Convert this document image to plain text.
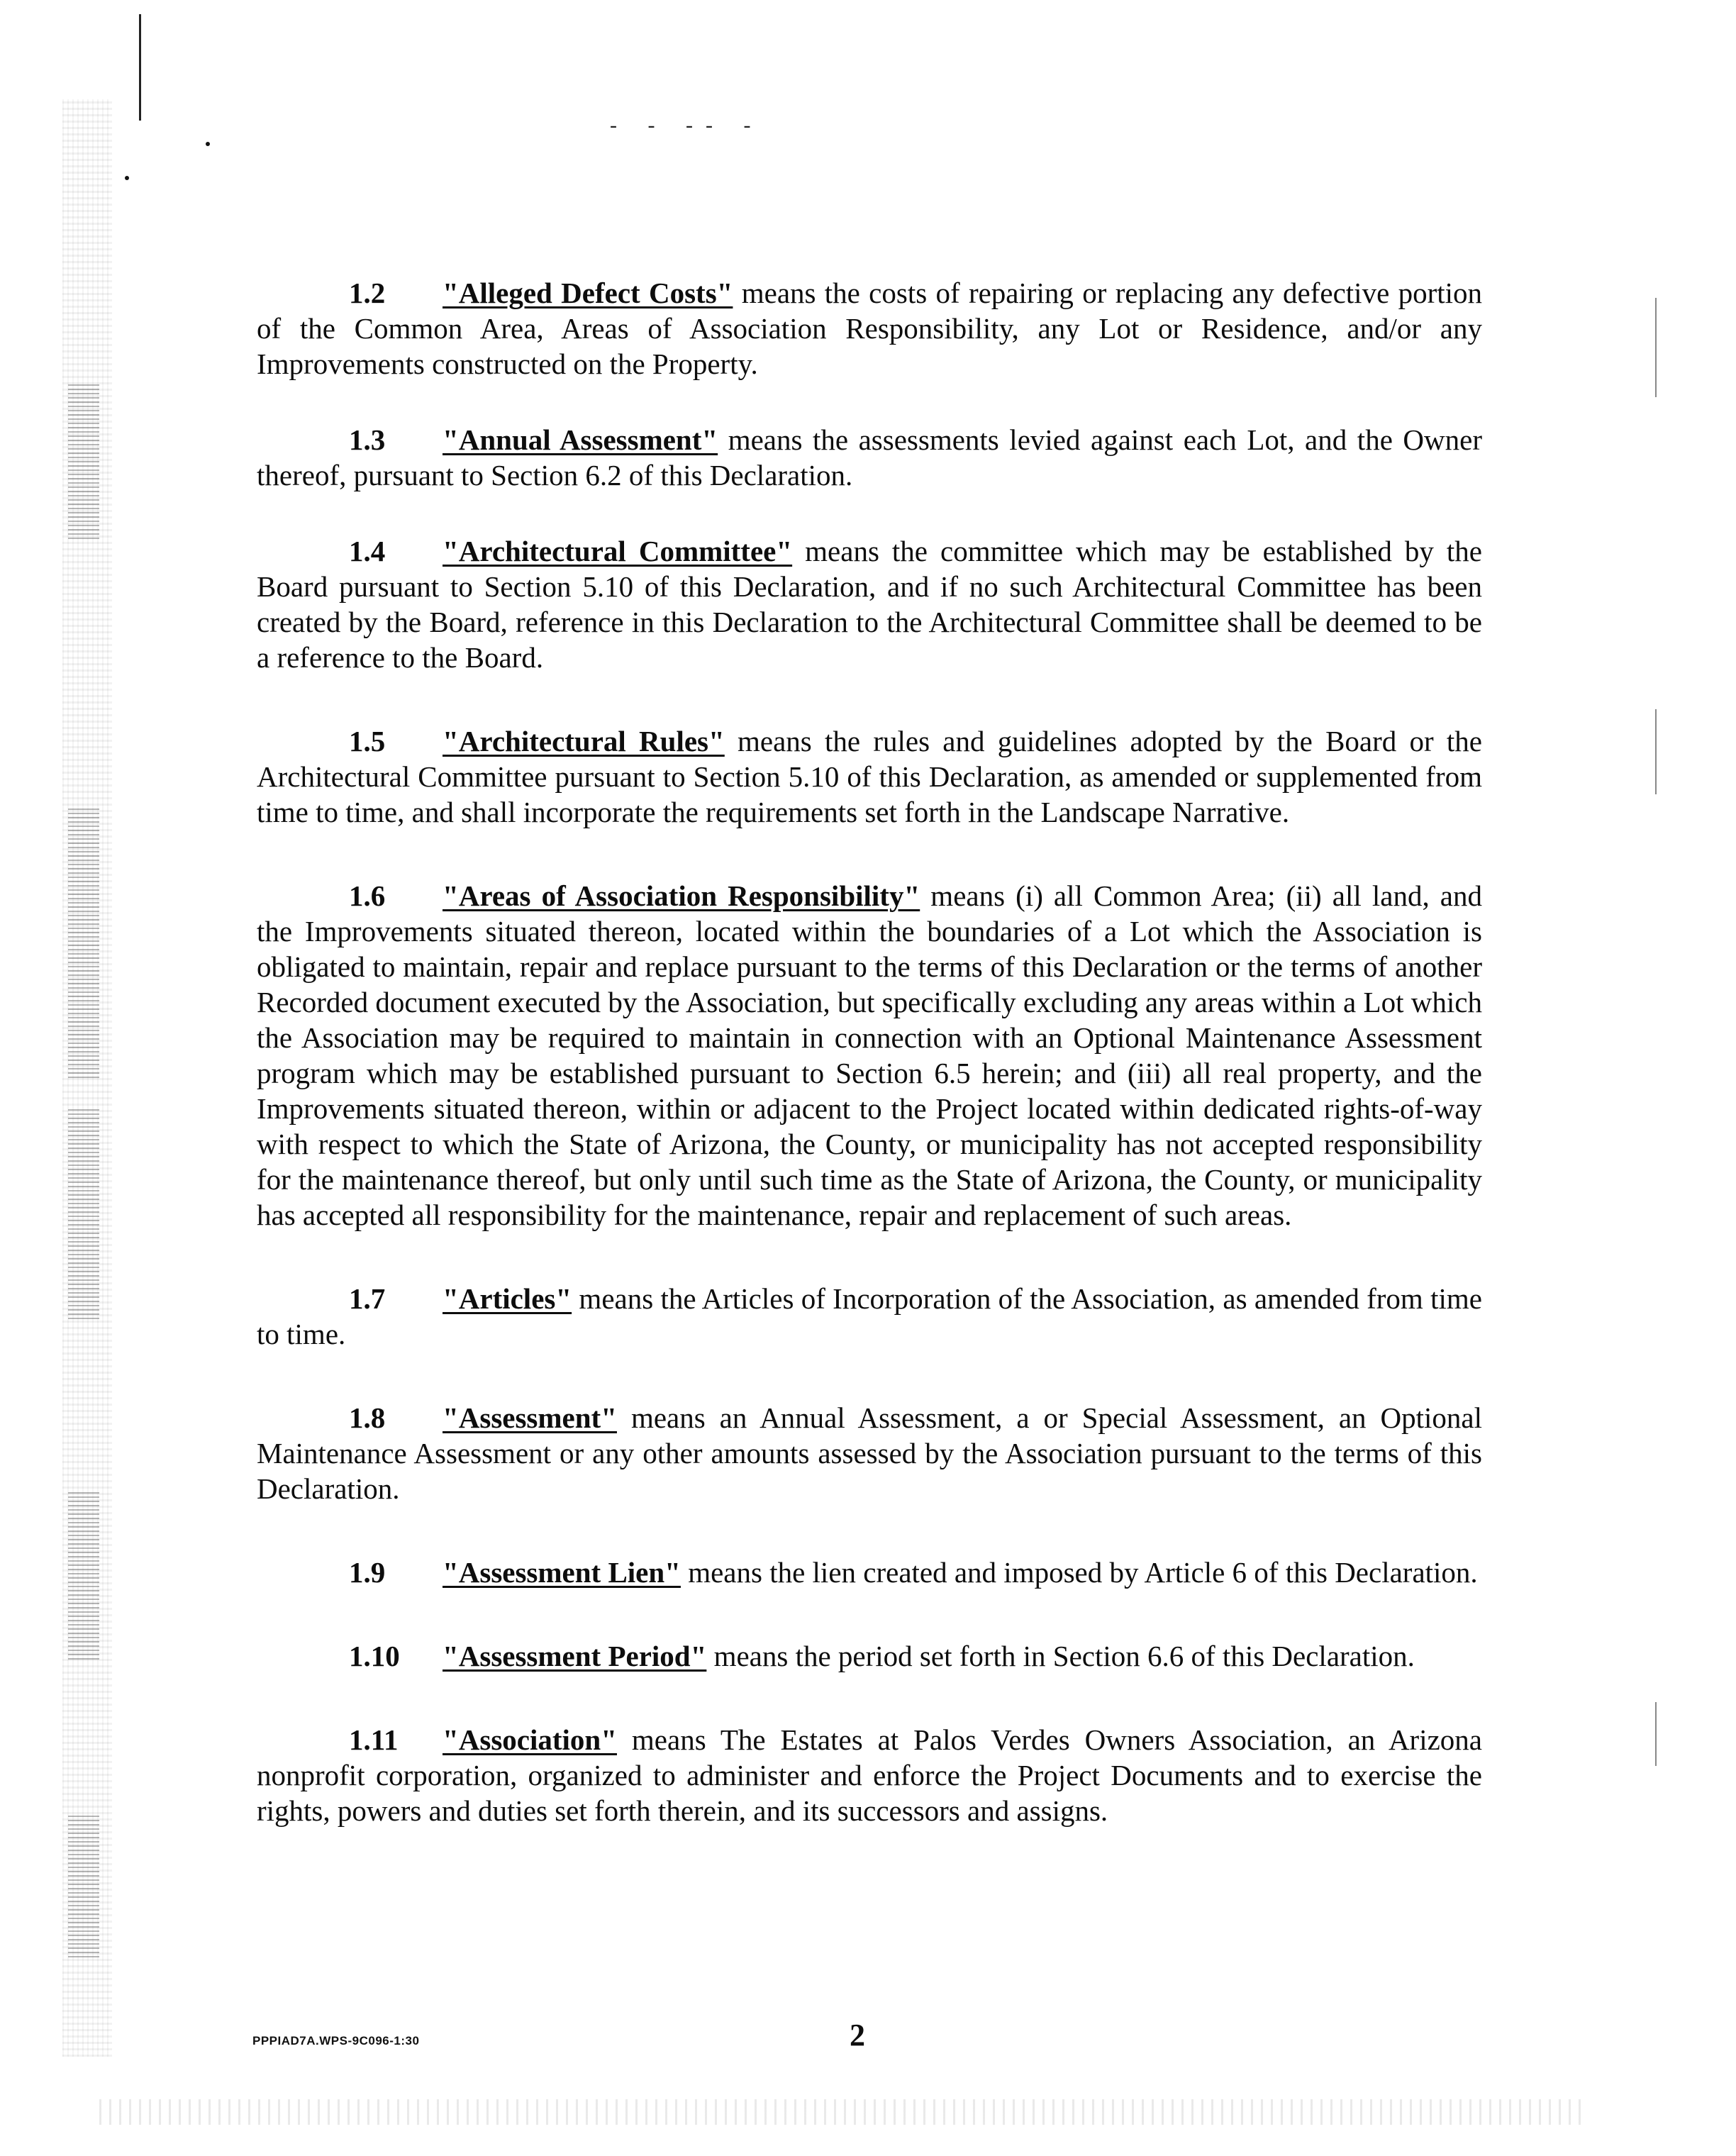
- - -- -

1.2 "Alleged Defect Costs" means the costs of repairing or replacing any defective portion of the Common Area, Areas of Association Responsibility, any Lot or Residence, and/or any Improvements constructed on the Property.

1.3 "Annual Assessment" means the assessments levied against each Lot, and the Owner thereof, pursuant to Section 6.2 of this Declaration.

1.4 "Architectural Committee" means the committee which may be established by the Board pursuant to Section 5.10 of this Declaration, and if no such Architectural Committee has been created by the Board, reference in this Declaration to the Architectural Committee shall be deemed to be a reference to the Board.

1.5 "Architectural Rules" means the rules and guidelines adopted by the Board or the Architectural Committee pursuant to Section 5.10 of this Declaration, as amended or supplemented from time to time, and shall incorporate the requirements set forth in the Landscape Narrative.

1.6 "Areas of Association Responsibility" means (i) all Common Area; (ii) all land, and the Improvements situated thereon, located within the boundaries of a Lot which the Association is obligated to maintain, repair and replace pursuant to the terms of this Declaration or the terms of another Recorded document executed by the Association, but specifically excluding any areas within a Lot which the Association may be required to maintain in connection with an Optional Maintenance Assessment program which may be established pursuant to Section 6.5 herein; and (iii) all real property, and the Improvements situated thereon, within or adjacent to the Project located within dedicated rights-of-way with respect to which the State of Arizona, the County, or municipality has not accepted responsibility for the maintenance thereof, but only until such time as the State of Arizona, the County, or municipality has accepted all responsibility for the maintenance, repair and replacement of such areas.

1.7 "Articles" means the Articles of Incorporation of the Association, as amended from time to time.

1.8 "Assessment" means an Annual Assessment, a or Special Assessment, an Optional Maintenance Assessment or any other amounts assessed by the Association pursuant to the terms of this Declaration.

1.9 "Assessment Lien" means the lien created and imposed by Article 6 of this Declaration.

1.10 "Assessment Period" means the period set forth in Section 6.6 of this Declaration.

1.11 "Association" means The Estates at Palos Verdes Owners Association, an Arizona nonprofit corporation, organized to administer and enforce the Project Documents and to exercise the rights, powers and duties set forth therein, and its successors and assigns.

PPPIAD7A.WPS-9C096-1:30	2
